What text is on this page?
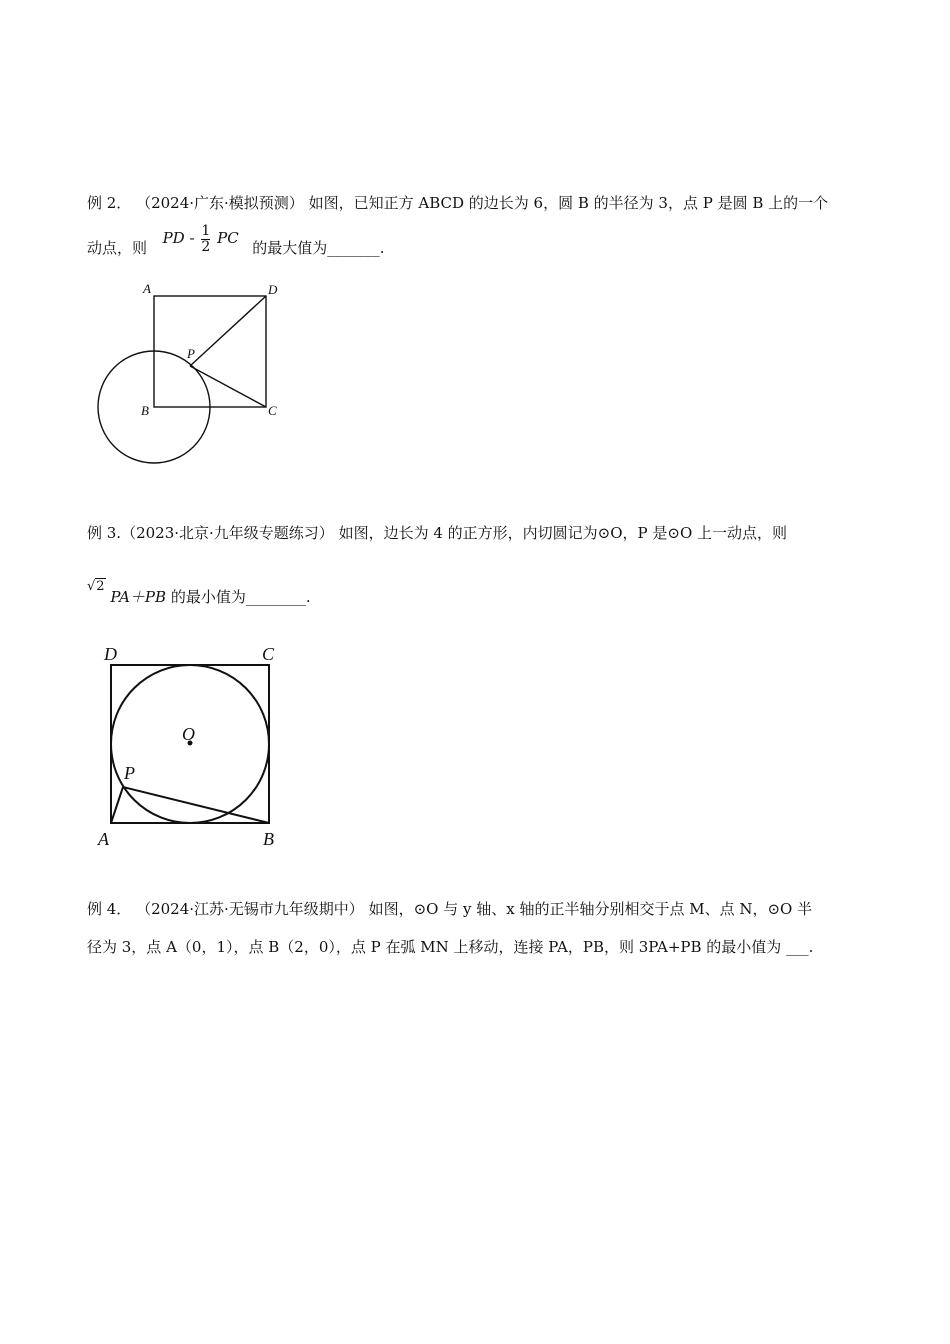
例 2． （2024·广东·模拟预测） 如图，已知正方 ABCD 的边长为 6，圆 B 的半径为 3，点 P 是圆 B 上的一个
动点，则  PD - $\frac{1}{2}$ PC  的最大值为_______.
A	D
P
B	C
例 3.（2023·北京·九年级专题练习） 如图，边长为 4 的正方形，内切圆记为⊙O，P 是⊙O 上一动点，则
√2 PA＋PB 的最小值为________.
D	C
O
P
A	B
例 4． （2024·江苏·无锡市九年级期中） 如图，⊙O 与 y 轴、x 轴的正半轴分别相交于点 M、点 N，⊙O 半
径为 3，点 A（0，1），点 B（2，0），点 P 在弧 MN 上移动，连接 PA，PB，则 3PA+PB 的最小值为 ___.
